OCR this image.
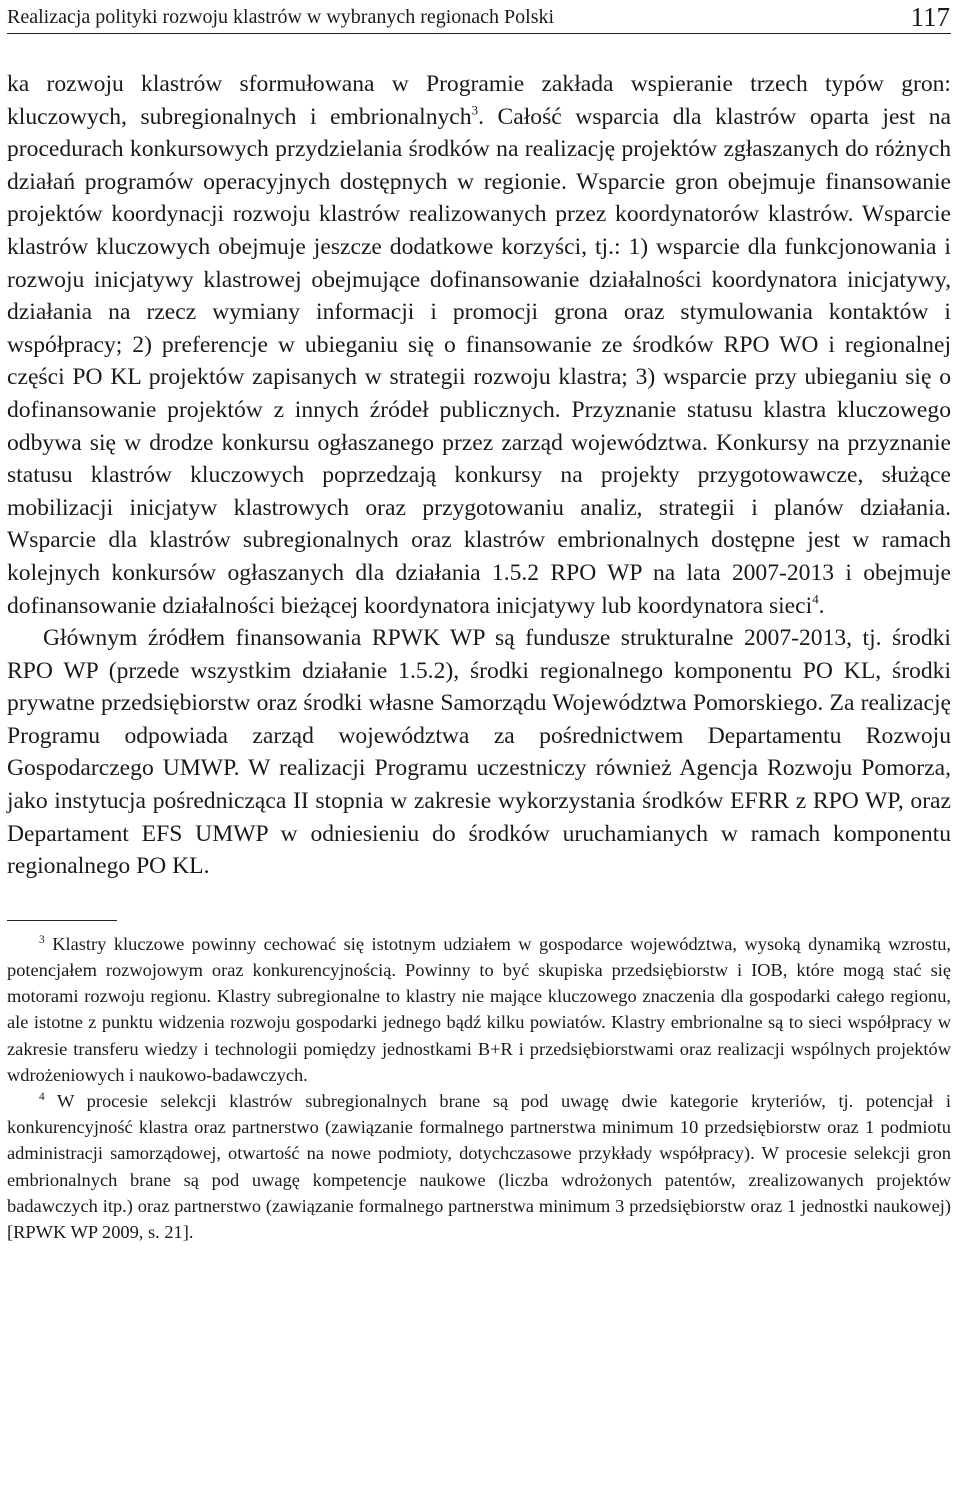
Realizacja polityki rozwoju klastrów w wybranych regionach Polski	117

ka rozwoju klastrów sformułowana w Programie zakłada wspieranie trzech typów gron: kluczowych, subregionalnych i embrionalnych$^3$. Całość wsparcia dla klastrów oparta jest na procedurach konkursowych przydzielania środków na realizację projektów zgłaszanych do różnych działań programów operacyjnych dostępnych w regionie. Wsparcie gron obejmuje finansowanie projektów koordynacji rozwoju klastrów realizowanych przez koordynatorów klastrów. Wsparcie klastrów kluczowych obejmuje jeszcze dodatkowe korzyści, tj.: 1) wsparcie dla funkcjonowania i rozwoju inicjatywy klastrowej obejmujące dofinansowanie działalności koordynatora inicjatywy, działania na rzecz wymiany informacji i promocji grona oraz stymulowania kontaktów i współpracy; 2) preferencje w ubieganiu się o finansowanie ze środków RPO WO i regionalnej części PO KL projektów zapisanych w strategii rozwoju klastra; 3) wsparcie przy ubieganiu się o dofinansowanie projektów z innych źródeł publicznych. Przyznanie statusu klastra kluczowego odbywa się w drodze konkursu ogłaszanego przez zarząd województwa. Konkursy na przyznanie statusu klastrów kluczowych poprzedzają konkursy na projekty przygotowawcze, służące mobilizacji inicjatyw klastrowych oraz przygotowaniu analiz, strategii i planów działania. Wsparcie dla klastrów subregionalnych oraz klastrów embrionalnych dostępne jest w ramach kolejnych konkursów ogłaszanych dla działania 1.5.2 RPO WP na lata 2007-2013 i obejmuje dofinansowanie działalności bieżącej koordynatora inicjatywy lub koordynatora sieci$^4$.

Głównym źródłem finansowania RPWK WP są fundusze strukturalne 2007-2013, tj. środki RPO WP (przede wszystkim działanie 1.5.2), środki regionalnego komponentu PO KL, środki prywatne przedsiębiorstw oraz środki własne Samorządu Województwa Pomorskiego. Za realizację Programu odpowiada zarząd województwa za pośrednictwem Departamentu Rozwoju Gospodarczego UMWP. W realizacji Programu uczestniczy również Agencja Rozwoju Pomorza, jako instytucja pośrednicząca II stopnia w zakresie wykorzystania środków EFRR z RPO WP, oraz Departament EFS UMWP w odniesieniu do środków uruchamianych w ramach komponentu regionalnego PO KL.

$^3$ Klastry kluczowe powinny cechować się istotnym udziałem w gospodarce województwa, wysoką dynamiką wzrostu, potencjałem rozwojowym oraz konkurencyjnością. Powinny to być skupiska przedsiębiorstw i IOB, które mogą stać się motorami rozwoju regionu. Klastry subregionalne to klastry nie mające kluczowego znaczenia dla gospodarki całego regionu, ale istotne z punktu widzenia rozwoju gospodarki jednego bądź kilku powiatów. Klastry embrionalne są to sieci współpracy w zakresie transferu wiedzy i technologii pomiędzy jednostkami B+R i przedsiębiorstwami oraz realizacji wspólnych projektów wdrożeniowych i naukowo-badawczych.

$^4$ W procesie selekcji klastrów subregionalnych brane są pod uwagę dwie kategorie kryteriów, tj. potencjał i konkurencyjność klastra oraz partnerstwo (zawiązanie formalnego partnerstwa minimum 10 przedsiębiorstw oraz 1 podmiotu administracji samorządowej, otwartość na nowe podmioty, dotychczasowe przykłady współpracy). W procesie selekcji gron embrionalnych brane są pod uwagę kompetencje naukowe (liczba wdrożonych patentów, zrealizowanych projektów badawczych itp.) oraz partnerstwo (zawiązanie formalnego partnerstwa minimum 3 przedsiębiorstw oraz 1 jednostki naukowej) [RPWK WP 2009, s. 21].
